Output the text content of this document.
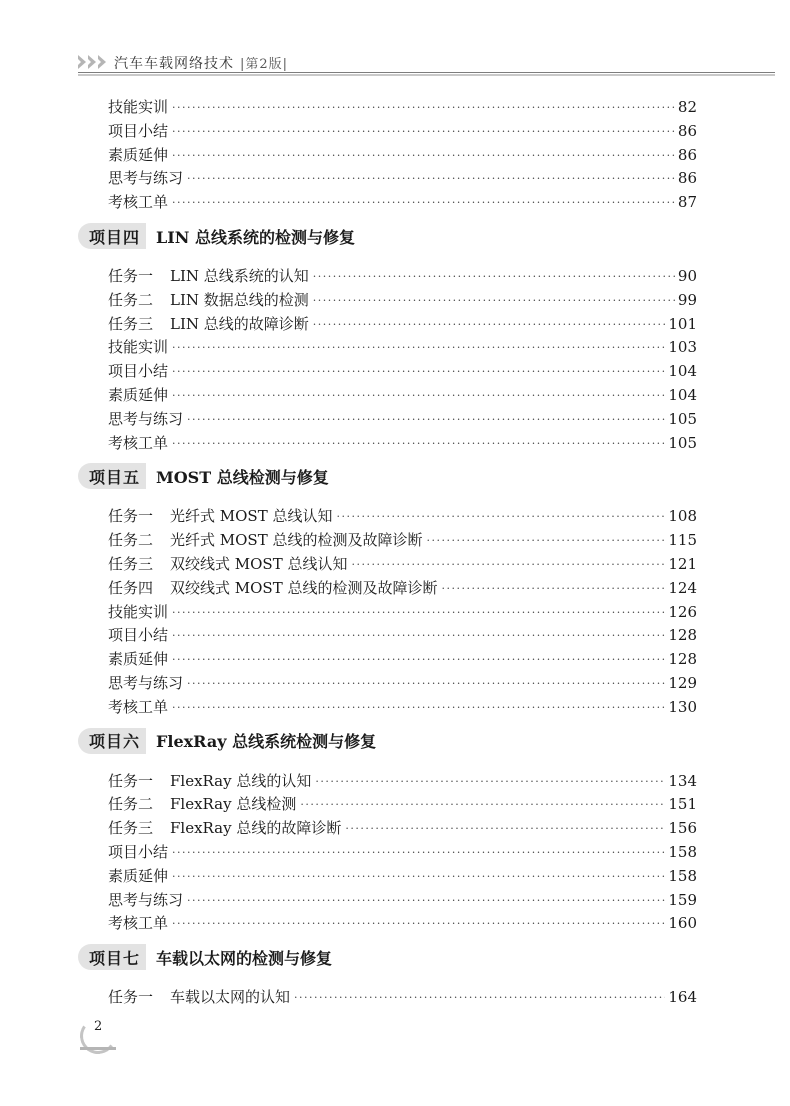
汽车车载网络技术 |第2版|
技能实训 ·····	82
项目小结 ·····	86
素质延伸 ·····	86
思考与练习 ·····	86
考核工单 ·····	87
项目四	LIN 总线系统的检测与修复
任务一 LIN 总线系统的认知 ·····	90
任务二 LIN 数据总线的检测 ·····	99
任务三 LIN 总线的故障诊断 ·····	101
技能实训 ·····	103
项目小结 ·····	104
素质延伸 ·····	104
思考与练习 ·····	105
考核工单 ·····	105
项目五	MOST 总线检测与修复
任务一 光纤式 MOST 总线认知 ·····	108
任务二 光纤式 MOST 总线的检测及故障诊断 ·····	115
任务三 双绞线式 MOST 总线认知 ·····	121
任务四 双绞线式 MOST 总线的检测及故障诊断 ·····	124
技能实训 ·····	126
项目小结 ·····	128
素质延伸 ·····	128
思考与练习 ·····	129
考核工单 ·····	130
项目六	FlexRay 总线系统检测与修复
任务一 FlexRay 总线的认知 ·····	134
任务二 FlexRay 总线检测 ·····	151
任务三 FlexRay 总线的故障诊断 ·····	156
项目小结 ·····	158
素质延伸 ·····	158
思考与练习 ·····	159
考核工单 ·····	160
项目七	车载以太网的检测与修复
任务一 车载以太网的认知 ·····	164
2
